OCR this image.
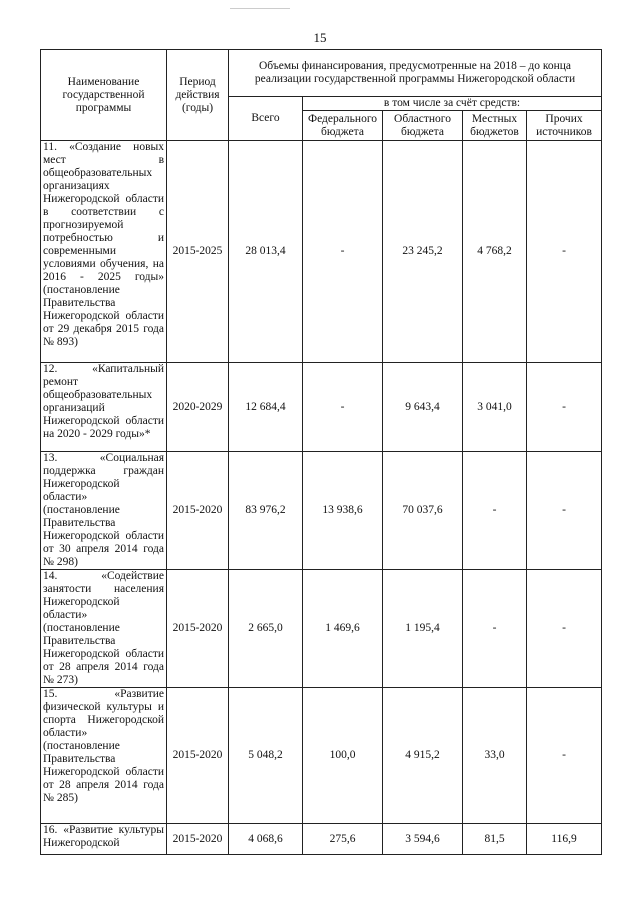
15
Наименование государственной программы	Период действия (годы)	Объемы финансирования, предусмотренные на 2018 – до конца реализации государственной программы Нижегородской области				
		Всего	в том числе за счёт средств:			
			Федерального бюджета	Областного бюджета	Местных бюджетов	Прочих источников
11. «Создание новых мест в общеобразовательных организациях Нижегородской области в соответствии с прогнозируемой потребностью и современными условиями обучения, на 2016 - 2025 годы» (постановление Правительства Нижегородской области от 29 декабря 2015 года № 893)	2015-2025	28 013,4	-	23 245,2	4 768,2	-
12. «Капитальный ремонт общеобразовательных организаций Нижегородской области на 2020 - 2029 годы»*	2020-2029	12 684,4	-	9 643,4	3 041,0	-
13. «Социальная поддержка граждан Нижегородской области» (постановление Правительства Нижегородской области от 30 апреля 2014 года № 298)	2015-2020	83 976,2	13 938,6	70 037,6	-	-
14. «Содействие занятости населения Нижегородской области» (постановление Правительства Нижегородской области от 28 апреля 2014 года № 273)	2015-2020	2 665,0	1 469,6	1 195,4	-	-
15. «Развитие физической культуры и спорта Нижегородской области» (постановление Правительства Нижегородской области от 28 апреля 2014 года № 285)	2015-2020	5 048,2	100,0	4 915,2	33,0	-
16. «Развитие культуры Нижегородской	2015-2020	4 068,6	275,6	3 594,6	81,5	116,9
